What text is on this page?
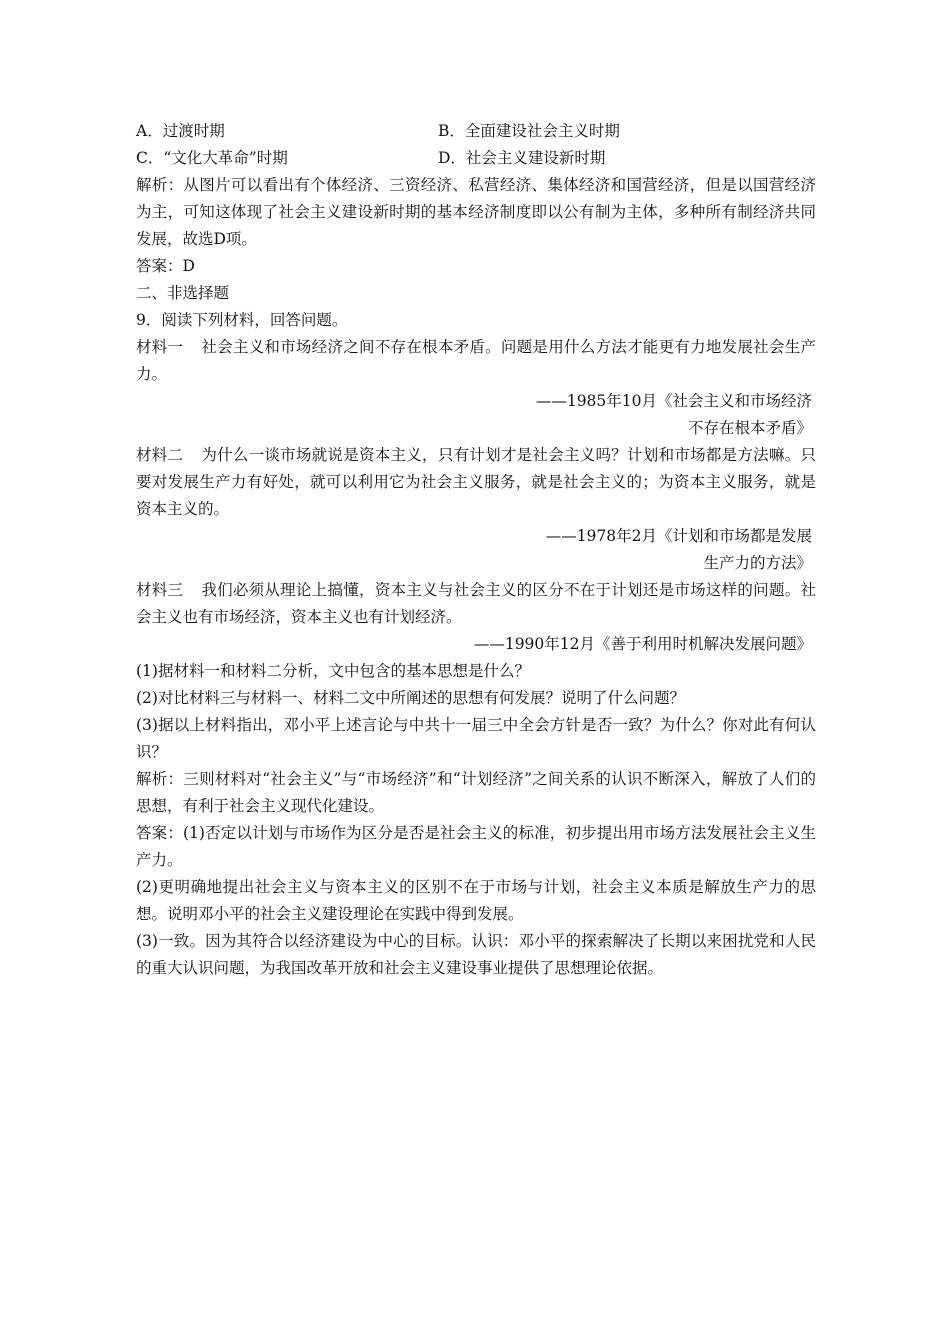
A．过渡时期	B．全面建设社会主义时期
C．“文化大革命”时期	D．社会主义建设新时期
解析：从图片可以看出有个体经济、三资经济、私营经济、集体经济和国营经济，但是以国营经济为主，可知这体现了社会主义建设新时期的基本经济制度即以公有制为主体，多种所有制经济共同发展，故选D项。
答案：D
二、非选择题
9．阅读下列材料，回答问题。
材料一 社会主义和市场经济之间不存在根本矛盾。问题是用什么方法才能更有力地发展社会生产力。
——1985年10月《社会主义和市场经济
不存在根本矛盾》
材料二 为什么一谈市场就说是资本主义，只有计划才是社会主义吗？计划和市场都是方法嘛。只要对发展生产力有好处，就可以利用它为社会主义服务，就是社会主义的；为资本主义服务，就是资本主义的。
——1978年2月《计划和市场都是发展
生产力的方法》
材料三 我们必须从理论上搞懂，资本主义与社会主义的区分不在于计划还是市场这样的问题。社会主义也有市场经济，资本主义也有计划经济。
——1990年12月《善于利用时机解决发展问题》
(1)据材料一和材料二分析，文中包含的基本思想是什么？
(2)对比材料三与材料一、材料二文中所阐述的思想有何发展？说明了什么问题？
(3)据以上材料指出，邓小平上述言论与中共十一届三中全会方针是否一致？为什么？你对此有何认识？
解析：三则材料对“社会主义”与“市场经济”和“计划经济”之间关系的认识不断深入，解放了人们的思想，有利于社会主义现代化建设。
答案：(1)否定以计划与市场作为区分是否是社会主义的标准，初步提出用市场方法发展社会主义生产力。
(2)更明确地提出社会主义与资本主义的区别不在于市场与计划，社会主义本质是解放生产力的思想。说明邓小平的社会主义建设理论在实践中得到发展。
(3)一致。因为其符合以经济建设为中心的目标。认识：邓小平的探索解决了长期以来困扰党和人民的重大认识问题，为我国改革开放和社会主义建设事业提供了思想理论依据。
